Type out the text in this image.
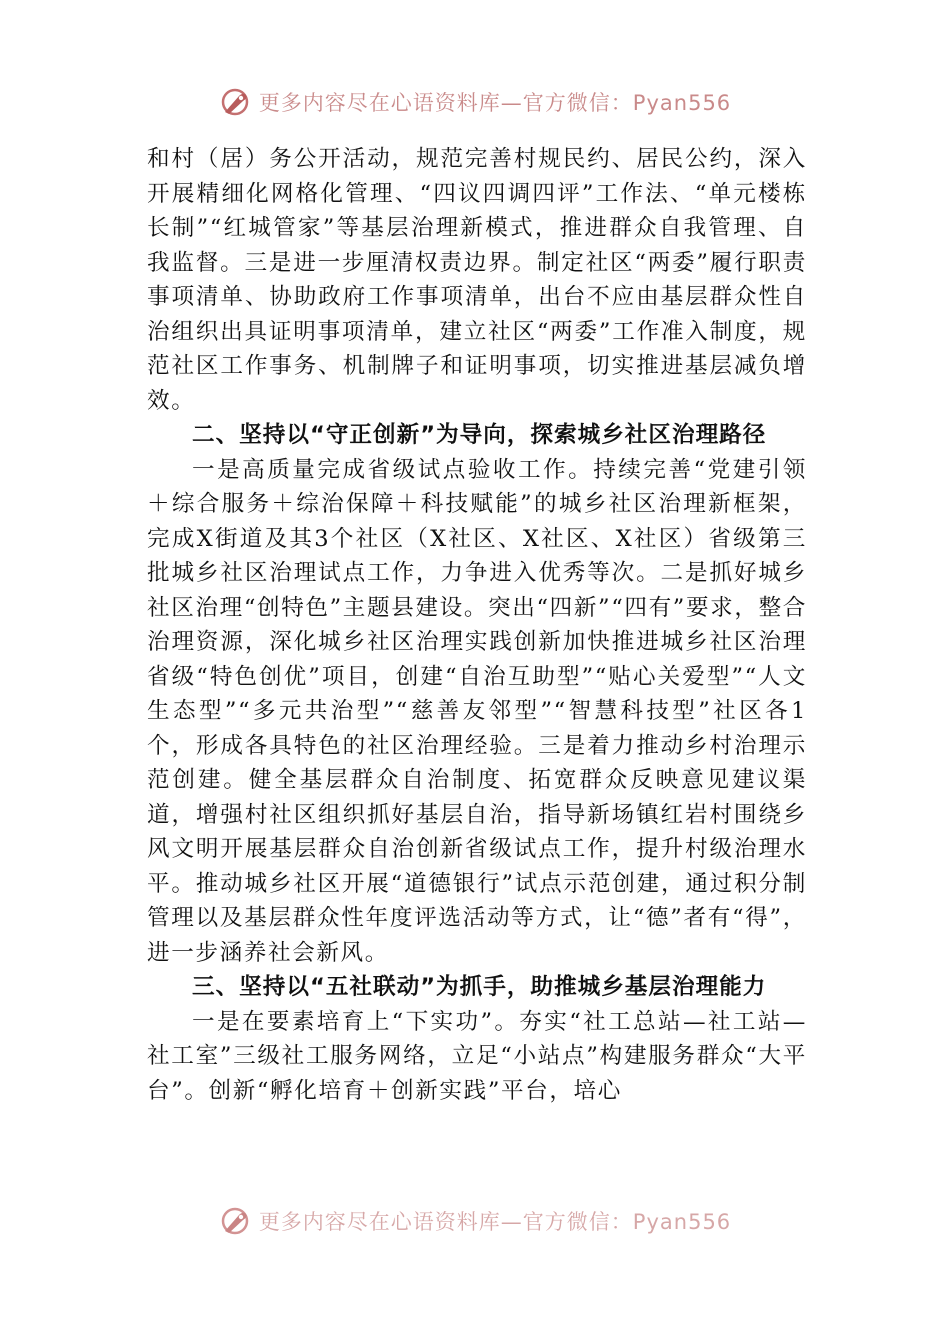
更多内容尽在心语资料库—官方微信：Pyan556

和村（居）务公开活动，规范完善村规民约、居民公约，深入开展精细化网格化管理、“四议四调四评”工作法、“单元楼栋长制”“红城管家”等基层治理新模式，推进群众自我管理、自我监督。三是进一步厘清权责边界。制定社区“两委”履行职责事项清单、协助政府工作事项清单，出台不应由基层群众性自治组织出具证明事项清单，建立社区“两委”工作准入制度，规范社区工作事务、机制牌子和证明事项，切实推进基层减负增效。

二、坚持以“守正创新”为导向，探索城乡社区治理路径

一是高质量完成省级试点验收工作。持续完善“党建引领＋综合服务＋综治保障＋科技赋能”的城乡社区治理新框架，完成X街道及其3个社区（X社区、X社区、X社区）省级第三批城乡社区治理试点工作，力争进入优秀等次。二是抓好城乡社区治理“创特色”主题县建设。突出“四新”“四有”要求，整合治理资源，深化城乡社区治理实践创新加快推进城乡社区治理省级“特色创优”项目，创建“自治互助型”“贴心关爱型”“人文生态型”“多元共治型”“慈善友邻型”“智慧科技型”社区各1个，形成各具特色的社区治理经验。三是着力推动乡村治理示范创建。健全基层群众自治制度、拓宽群众反映意见建议渠道，增强村社区组织抓好基层自治，指导新场镇红岩村围绕乡风文明开展基层群众自治创新省级试点工作，提升村级治理水平。推动城乡社区开展“道德银行”试点示范创建，通过积分制管理以及基层群众性年度评选活动等方式，让“德”者有“得”，进一步涵养社会新风。

三、坚持以“五社联动”为抓手，助推城乡基层治理能力

一是在要素培育上“下实功”。夯实“社工总站—社工站—社工室”三级社工服务网络，立足“小站点”构建服务群众“大平台”。创新“孵化培育＋创新实践”平台，培心

更多内容尽在心语资料库—官方微信：Pyan556
